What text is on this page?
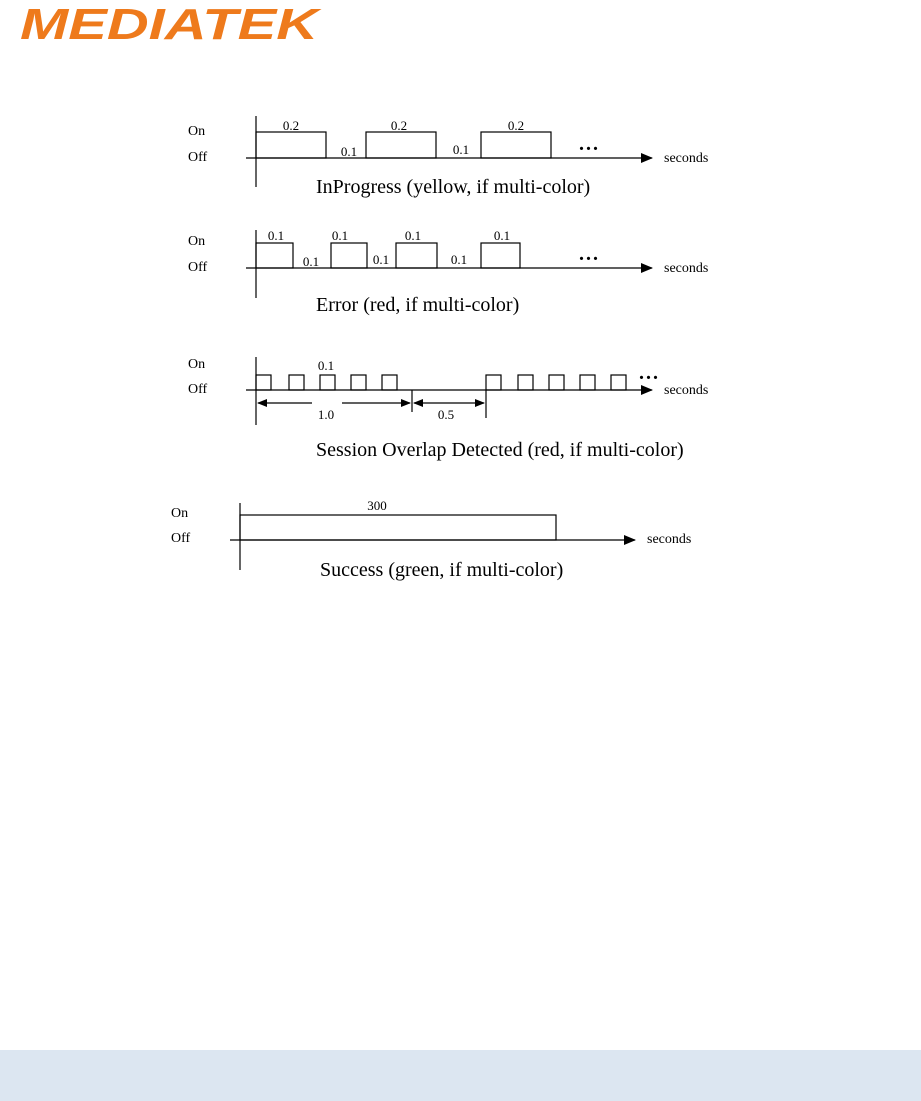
MEDIATEK
On
Off
0.2	0.2	0.2
0.1	0.1	...
seconds
InProgress (yellow, if multi-color)
On
Off
0.1	0.1	0.1	0.1
0.1	0.1	0.1	...
seconds
Error (red, if multi-color)
On
Off
0.1
1.0	0.5
...
seconds
Session Overlap Detected (red, if multi-color)
On
Off
300
seconds
Success (green, if multi-color)
